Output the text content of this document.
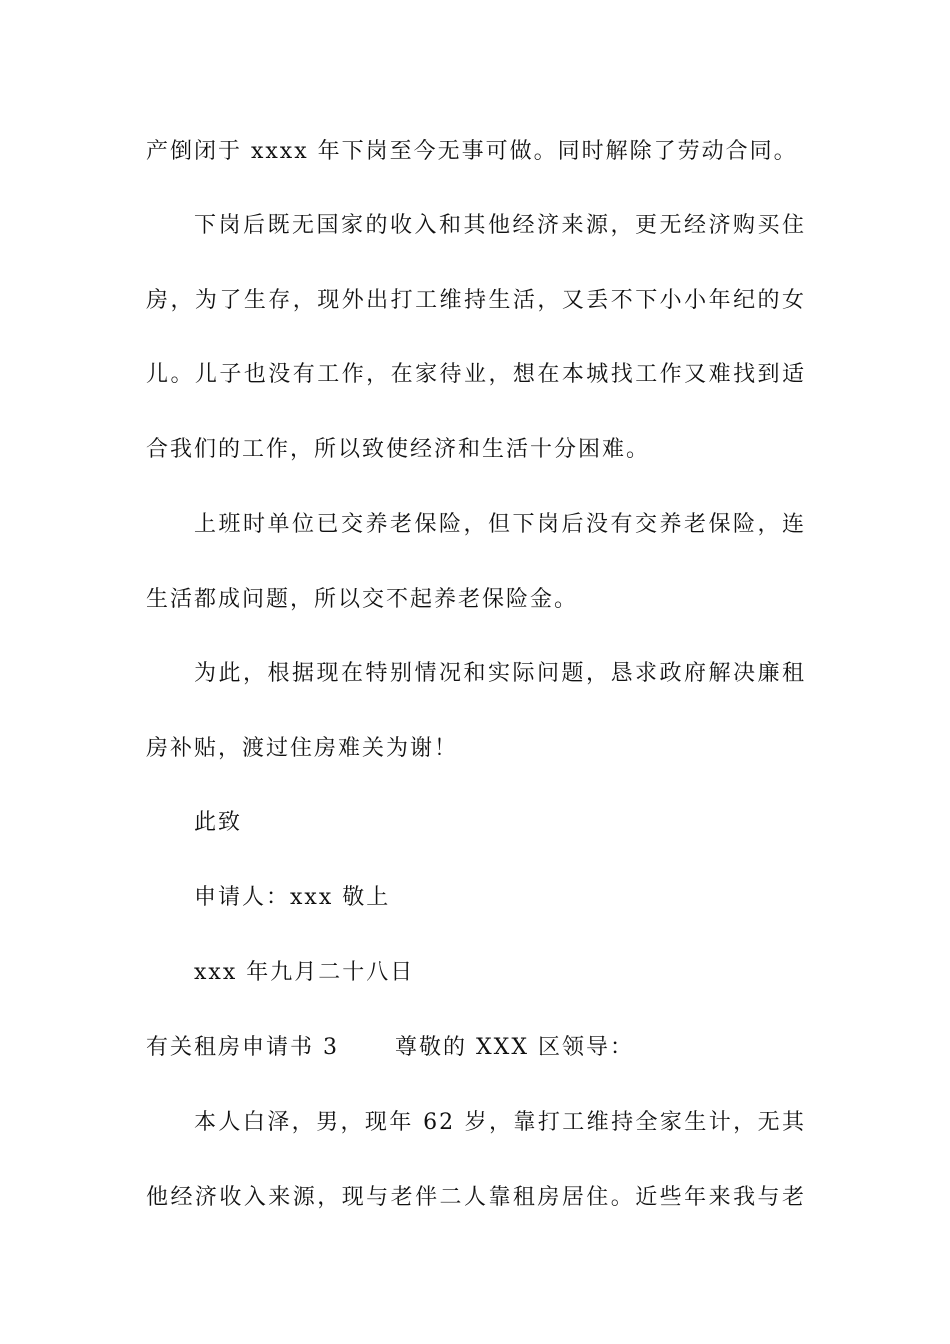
产倒闭于 xxxx 年下岗至今无事可做。同时解除了劳动合同。
下岗后既无国家的收入和其他经济来源，更无经济购买住
房，为了生存，现外出打工维持生活，又丢不下小小年纪的女
儿。儿子也没有工作，在家待业，想在本城找工作又难找到适
合我们的工作，所以致使经济和生活十分困难。
上班时单位已交养老保险，但下岗后没有交养老保险，连
生活都成问题，所以交不起养老保险金。
为此，根据现在特别情况和实际问题，恳求政府解决廉租
房补贴，渡过住房难关为谢！
此致
申请人：xxx 敬上
xxx 年九月二十八日
有关租房申请书 3	尊敬的 XXX 区领导：
本人白泽，男，现年 62 岁，靠打工维持全家生计，无其
他经济收入来源，现与老伴二人靠租房居住。近些年来我与老
